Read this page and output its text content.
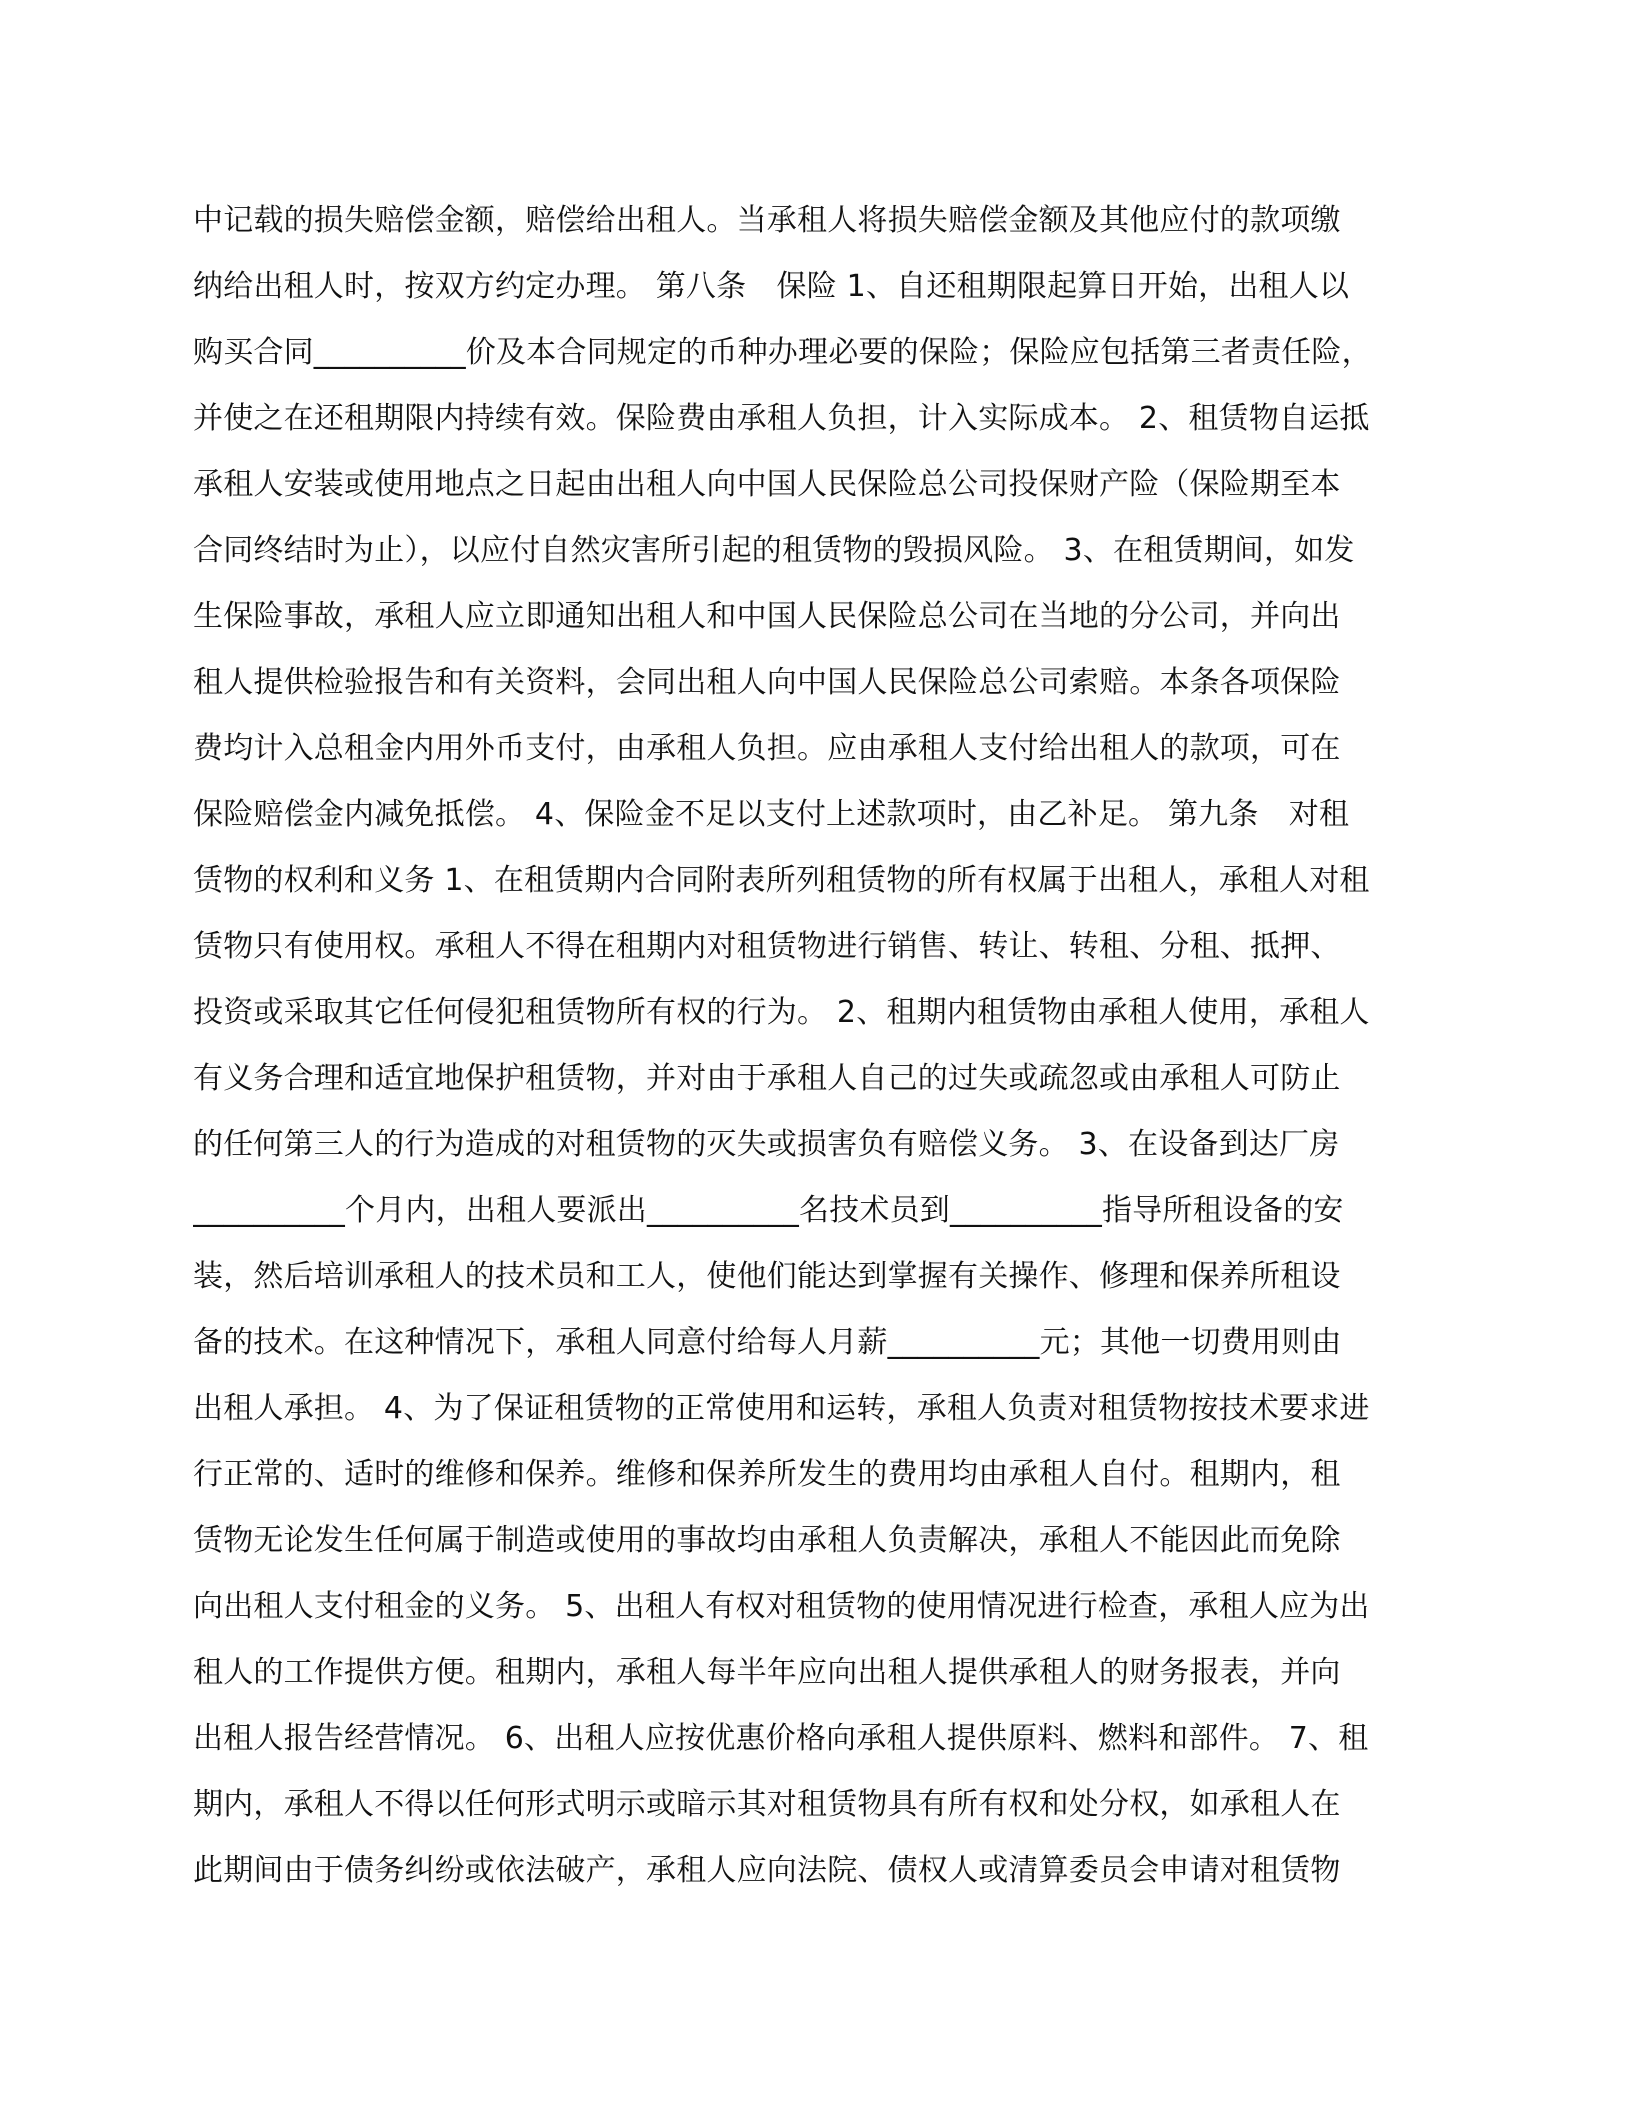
中记载的损失赔偿金额，赔偿给出租人。当承租人将损失赔偿金额及其他应付的款项缴
纳给出租人时，按双方约定办理。 第八条　保险 1、自还租期限起算日开始，出租人以
购买合同__________价及本合同规定的币种办理必要的保险；保险应包括第三者责任险，
并使之在还租期限内持续有效。保险费由承租人负担，计入实际成本。 2、租赁物自运抵
承租人安装或使用地点之日起由出租人向中国人民保险总公司投保财产险（保险期至本
合同终结时为止），以应付自然灾害所引起的租赁物的毁损风险。 3、在租赁期间，如发
生保险事故，承租人应立即通知出租人和中国人民保险总公司在当地的分公司，并向出
租人提供检验报告和有关资料，会同出租人向中国人民保险总公司索赔。本条各项保险
费均计入总租金内用外币支付，由承租人负担。应由承租人支付给出租人的款项，可在
保险赔偿金内减免抵偿。 4、保险金不足以支付上述款项时，由乙补足。 第九条　对租
赁物的权利和义务 1、在租赁期内合同附表所列租赁物的所有权属于出租人，承租人对租
赁物只有使用权。承租人不得在租期内对租赁物进行销售、转让、转租、分租、抵押、
投资或采取其它任何侵犯租赁物所有权的行为。 2、租期内租赁物由承租人使用，承租人
有义务合理和适宜地保护租赁物，并对由于承租人自己的过失或疏忽或由承租人可防止
的任何第三人的行为造成的对租赁物的灭失或损害负有赔偿义务。 3、在设备到达厂房
__________个月内，出租人要派出__________名技术员到__________指导所租设备的安
装，然后培训承租人的技术员和工人，使他们能达到掌握有关操作、修理和保养所租设
备的技术。在这种情况下，承租人同意付给每人月薪__________元；其他一切费用则由
出租人承担。 4、为了保证租赁物的正常使用和运转，承租人负责对租赁物按技术要求进
行正常的、适时的维修和保养。维修和保养所发生的费用均由承租人自付。租期内，租
赁物无论发生任何属于制造或使用的事故均由承租人负责解决，承租人不能因此而免除
向出租人支付租金的义务。 5、出租人有权对租赁物的使用情况进行检查，承租人应为出
租人的工作提供方便。租期内，承租人每半年应向出租人提供承租人的财务报表，并向
出租人报告经营情况。 6、出租人应按优惠价格向承租人提供原料、燃料和部件。 7、租
期内，承租人不得以任何形式明示或暗示其对租赁物具有所有权和处分权，如承租人在
此期间由于债务纠纷或依法破产，承租人应向法院、债权人或清算委员会申请对租赁物
